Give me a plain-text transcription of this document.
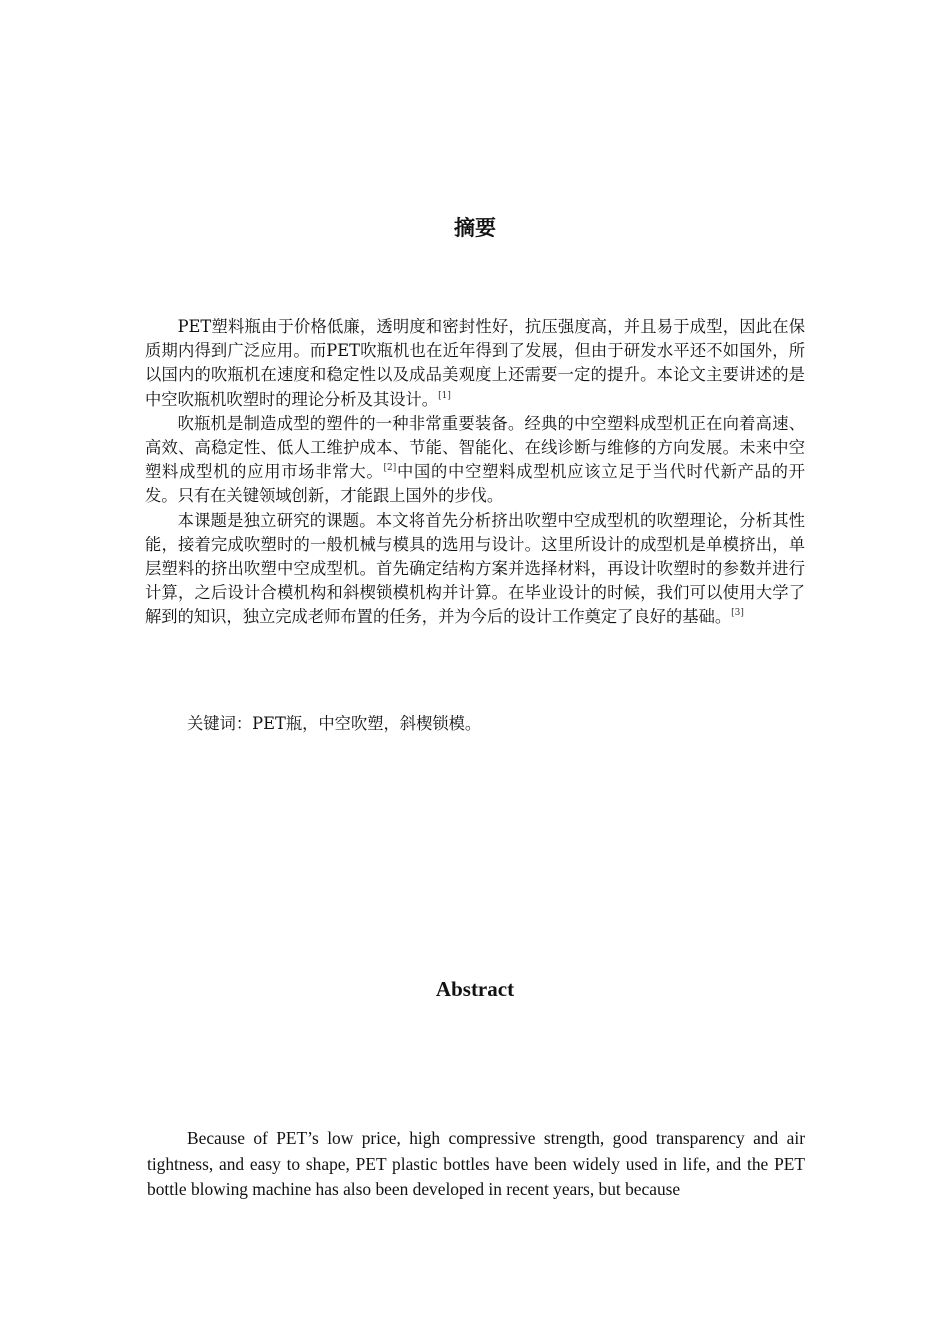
摘要

PET塑料瓶由于价格低廉，透明度和密封性好，抗压强度高，并且易于成型，因此在保质期内得到广泛应用。而PET吹瓶机也在近年得到了发展，但由于研发水平还不如国外，所以国内的吹瓶机在速度和稳定性以及成品美观度上还需要一定的提升。本论文主要讲述的是中空吹瓶机吹塑时的理论分析及其设计。[1]

吹瓶机是制造成型的塑件的一种非常重要装备。经典的中空塑料成型机正在向着高速、高效、高稳定性、低人工维护成本、节能、智能化、在线诊断与维修的方向发展。未来中空塑料成型机的应用市场非常大。[2]中国的中空塑料成型机应该立足于当代时代新产品的开发。只有在关键领域创新，才能跟上国外的步伐。

本课题是独立研究的课题。本文将首先分析挤出吹塑中空成型机的吹塑理论，分析其性能，接着完成吹塑时的一般机械与模具的选用与设计。这里所设计的成型机是单模挤出，单层塑料的挤出吹塑中空成型机。首先确定结构方案并选择材料，再设计吹塑时的参数并进行计算，之后设计合模机构和斜楔锁模机构并计算。在毕业设计的时候，我们可以使用大学了解到的知识，独立完成老师布置的任务，并为今后的设计工作奠定了良好的基础。[3]

关键词：PET瓶，中空吹塑，斜楔锁模。
Abstract

Because of PET’s low price, high compressive strength, good transparency and air tightness, and easy to shape, PET plastic bottles have been widely used in life, and the PET bottle blowing machine has also been developed in recent years, but because
